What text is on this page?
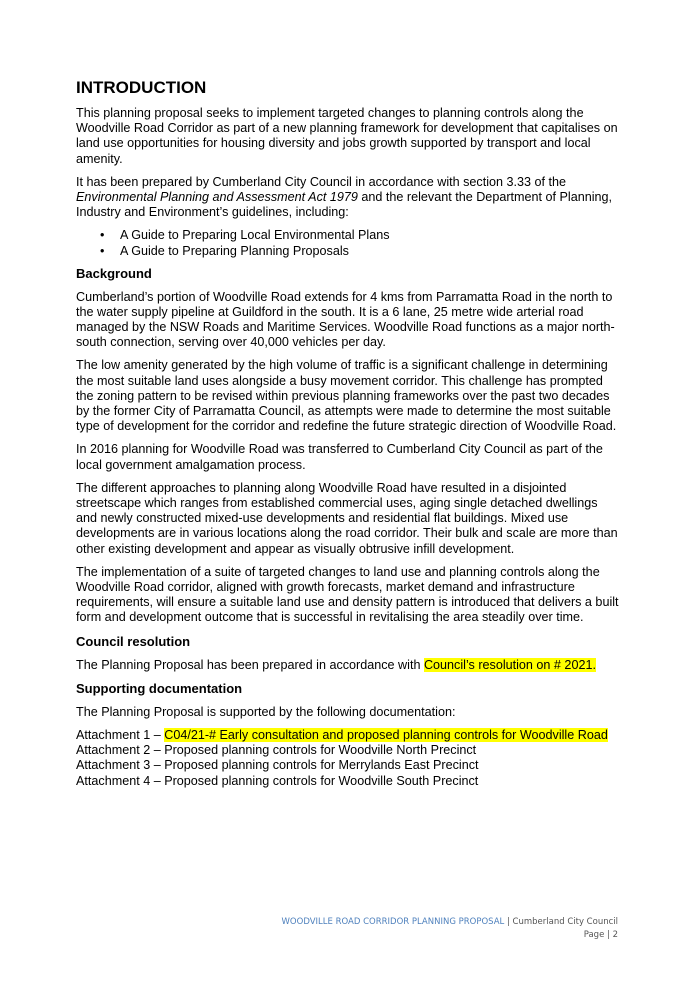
INTRODUCTION

This planning proposal seeks to implement targeted changes to planning controls along the Woodville Road Corridor as part of a new planning framework for development that capitalises on land use opportunities for housing diversity and jobs growth supported by transport and local amenity.

It has been prepared by Cumberland City Council in accordance with section 3.33 of the Environmental Planning and Assessment Act 1979 and the relevant the Department of Planning, Industry and Environment’s guidelines, including:

• A Guide to Preparing Local Environmental Plans
• A Guide to Preparing Planning Proposals
Background

Cumberland’s portion of Woodville Road extends for 4 kms from Parramatta Road in the north to the water supply pipeline at Guildford in the south. It is a 6 lane, 25 metre wide arterial road managed by the NSW Roads and Maritime Services. Woodville Road functions as a major north-south connection, serving over 40,000 vehicles per day.

The low amenity generated by the high volume of traffic is a significant challenge in determining the most suitable land uses alongside a busy movement corridor. This challenge has prompted the zoning pattern to be revised within previous planning frameworks over the past two decades by the former City of Parramatta Council, as attempts were made to determine the most suitable type of development for the corridor and redefine the future strategic direction of Woodville Road.

In 2016 planning for Woodville Road was transferred to Cumberland City Council as part of the local government amalgamation process.

The different approaches to planning along Woodville Road have resulted in a disjointed streetscape which ranges from established commercial uses, aging single detached dwellings and newly constructed mixed-use developments and residential flat buildings. Mixed use developments are in various locations along the road corridor. Their bulk and scale are more than other existing development and appear as visually obtrusive infill development.

The implementation of a suite of targeted changes to land use and planning controls along the Woodville Road corridor, aligned with growth forecasts, market demand and infrastructure requirements, will ensure a suitable land use and density pattern is introduced that delivers a built form and development outcome that is successful in revitalising the area steadily over time.

Council resolution

The Planning Proposal has been prepared in accordance with Council’s resolution on # 2021.

Supporting documentation

The Planning Proposal is supported by the following documentation:

Attachment 1 – C04/21-# Early consultation and proposed planning controls for Woodville Road

Attachment 2 – Proposed planning controls for Woodville North Precinct

Attachment 3 – Proposed planning controls for Merrylands East Precinct

Attachment 4 – Proposed planning controls for Woodville South Precinct

WOODVILLE ROAD CORRIDOR PLANNING PROPOSAL | Cumberland City Council
Page | 2
